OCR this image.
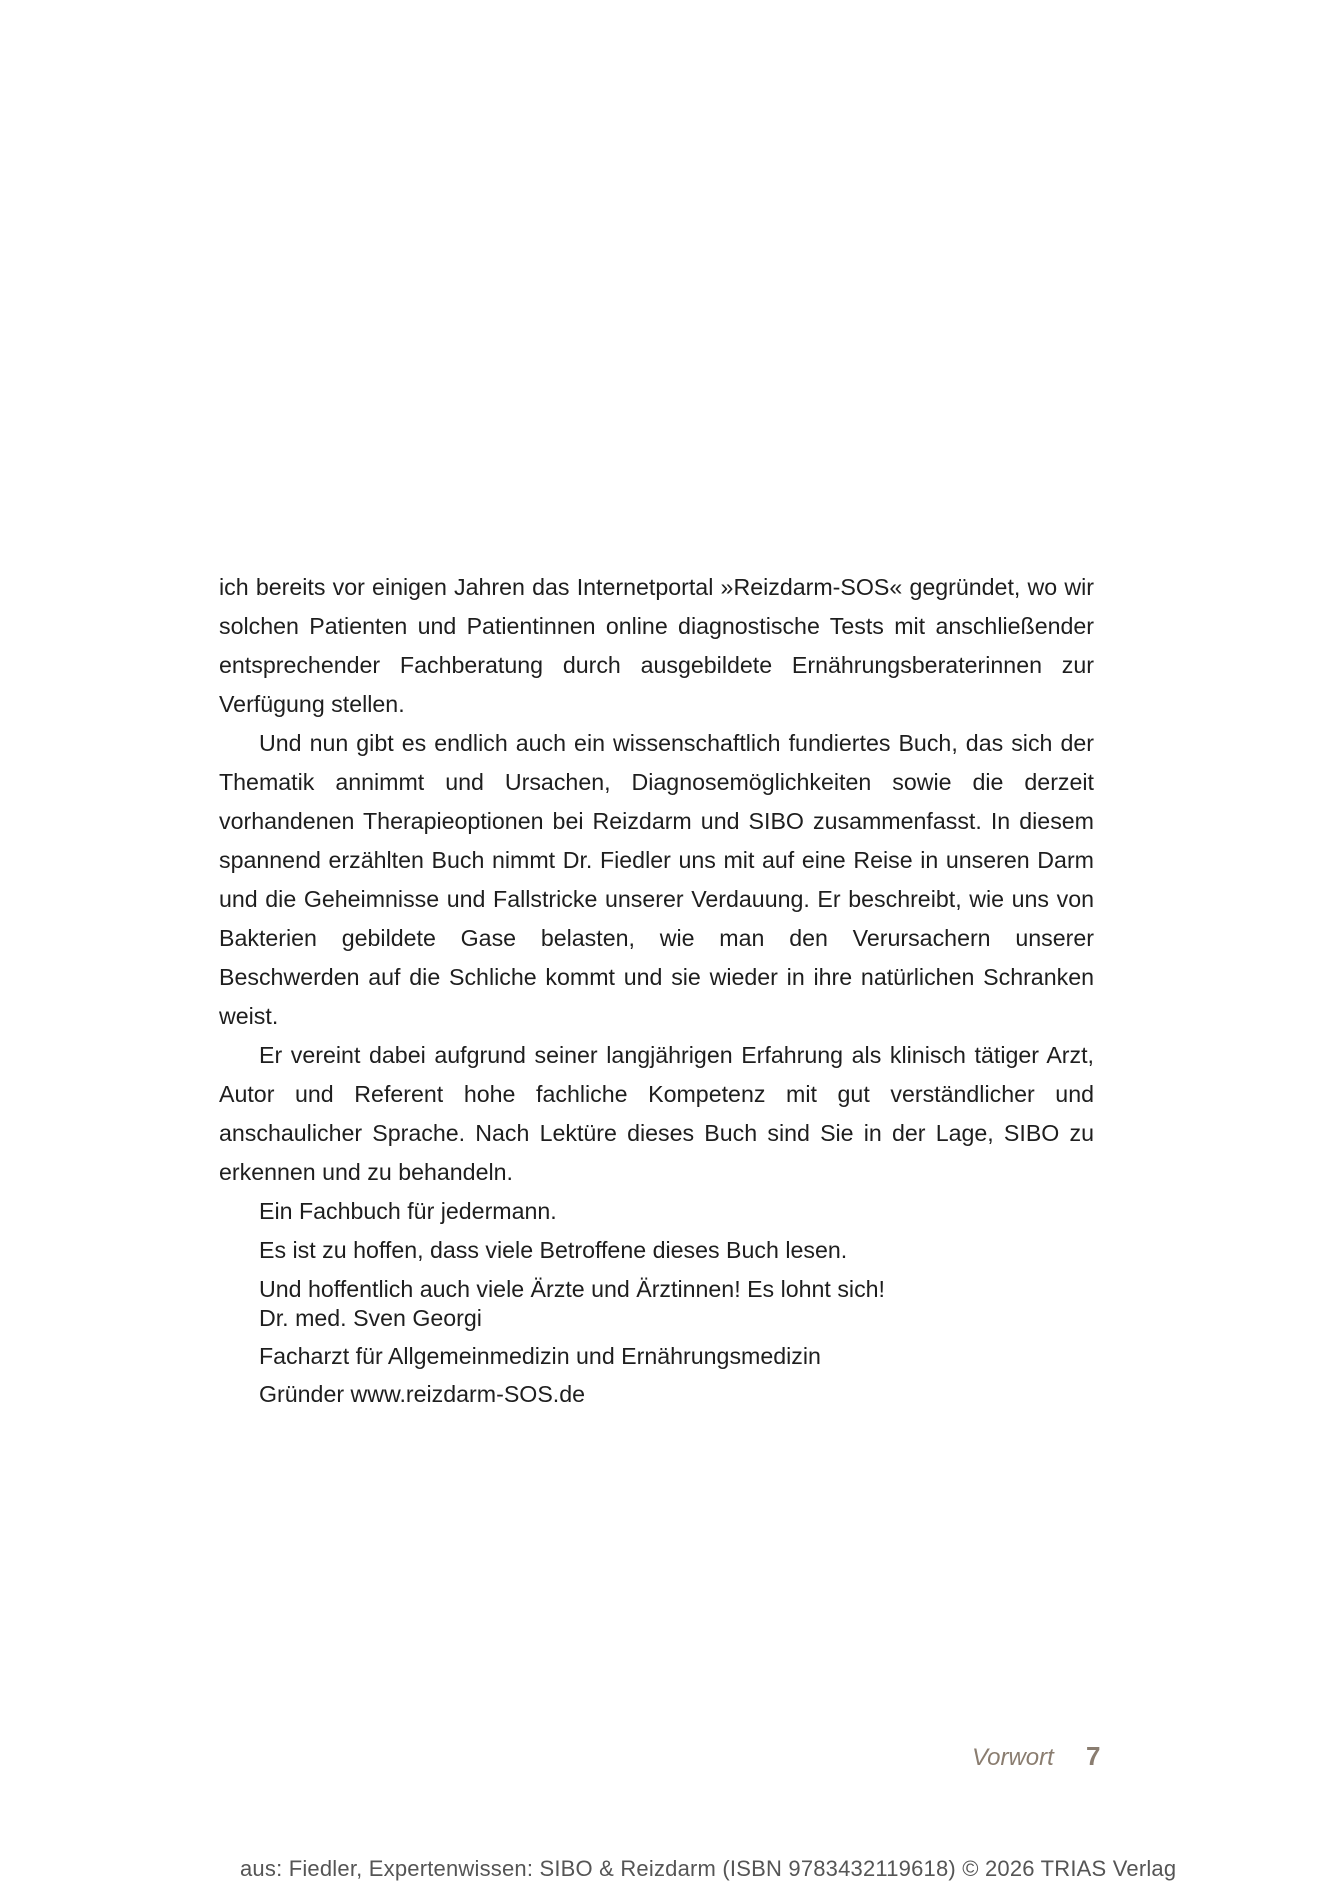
ich bereits vor einigen Jahren das Internetportal »Reizdarm-SOS« gegründet, wo wir solchen Patienten und Patientinnen online diagnostische Tests mit anschließender entsprechender Fachberatung durch ausgebildete Ernährungsberaterinnen zur Verfügung stellen.

Und nun gibt es endlich auch ein wissenschaftlich fundiertes Buch, das sich der Thematik annimmt und Ursachen, Diagnosemöglichkeiten sowie die derzeit vorhandenen Therapieoptionen bei Reizdarm und SIBO zusammenfasst. In diesem spannend erzählten Buch nimmt Dr. Fiedler uns mit auf eine Reise in unseren Darm und die Geheimnisse und Fallstricke unserer Verdauung. Er beschreibt, wie uns von Bakterien gebildete Gase belasten, wie man den Verursachern unserer Beschwerden auf die Schliche kommt und sie wieder in ihre natürlichen Schranken weist.

Er vereint dabei aufgrund seiner langjährigen Erfahrung als klinisch tätiger Arzt, Autor und Referent hohe fachliche Kompetenz mit gut verständlicher und anschaulicher Sprache. Nach Lektüre dieses Buch sind Sie in der Lage, SIBO zu erkennen und zu behandeln.

Ein Fachbuch für jedermann.

Es ist zu hoffen, dass viele Betroffene dieses Buch lesen.

Und hoffentlich auch viele Ärzte und Ärztinnen! Es lohnt sich!

Dr. med. Sven Georgi
Facharzt für Allgemeinmedizin und Ernährungsmedizin
Gründer www.reizdarm-SOS.de
Vorwort 7
aus: Fiedler, Expertenwissen: SIBO & Reizdarm (ISBN 9783432119618) © 2026 TRIAS Verlag
